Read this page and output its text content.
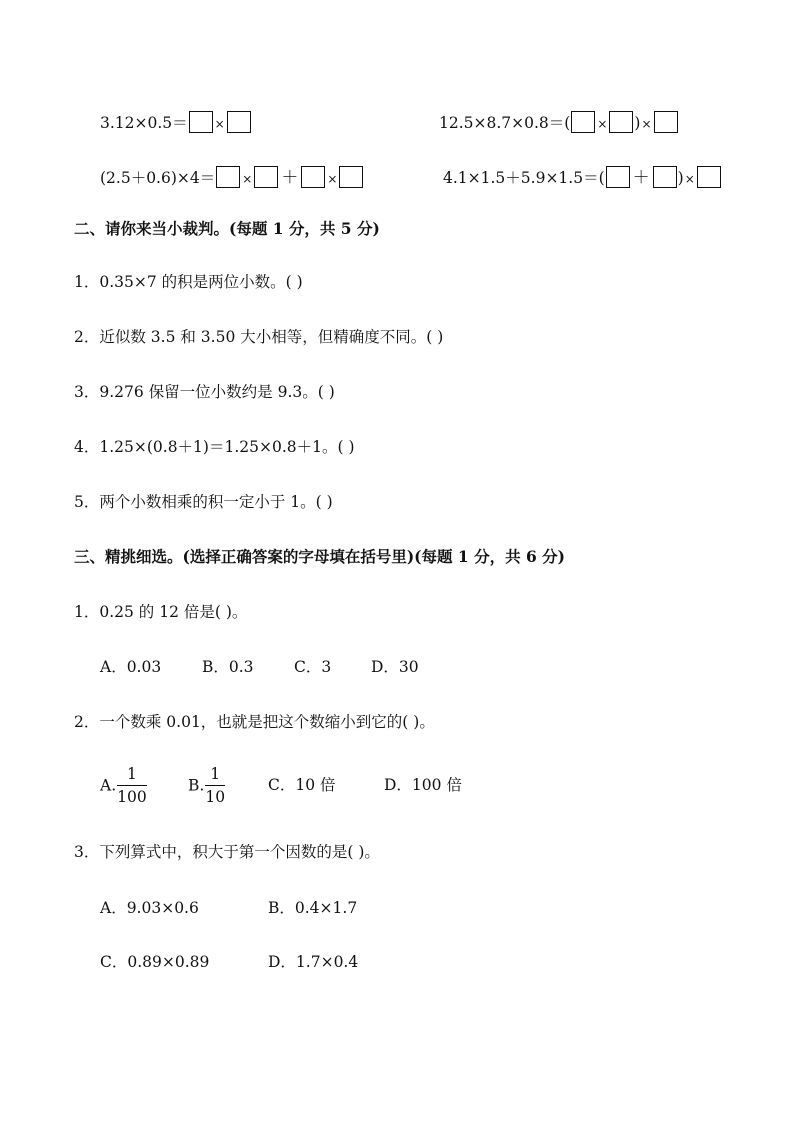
3.12×0.5＝ ×	12.5×8.7×0.8＝( × )×
(2.5＋0.6)×4＝ × ＋ ×	4.1×1.5＋5.9×1.5＝( ＋ )×
二、请你来当小裁判。(每题 1 分，共 5 分)
1．0.35×7 的积是两位小数。( )
2．近似数 3.5 和 3.50 大小相等，但精确度不同。( )
3．9.276 保留一位小数约是 9.3。( )
4．1.25×(0.8＋1)＝1.25×0.8＋1。( )
5．两个小数相乘的积一定小于 1。( )
三、精挑细选。(选择正确答案的字母填在括号里)(每题 1 分，共 6 分)
1．0.25 的 12 倍是( )。
A．0.03	B．0.3	C．3	D．30
2．一个数乘 0.01，也就是把这个数缩小到它的( )。
A. $\frac{1}{100}$	B. $\frac{1}{10}$	C．10 倍	D．100 倍
3．下列算式中，积大于第一个因数的是( )。
A．9.03×0.6	B．0.4×1.7
C．0.89×0.89	D．1.7×0.4
